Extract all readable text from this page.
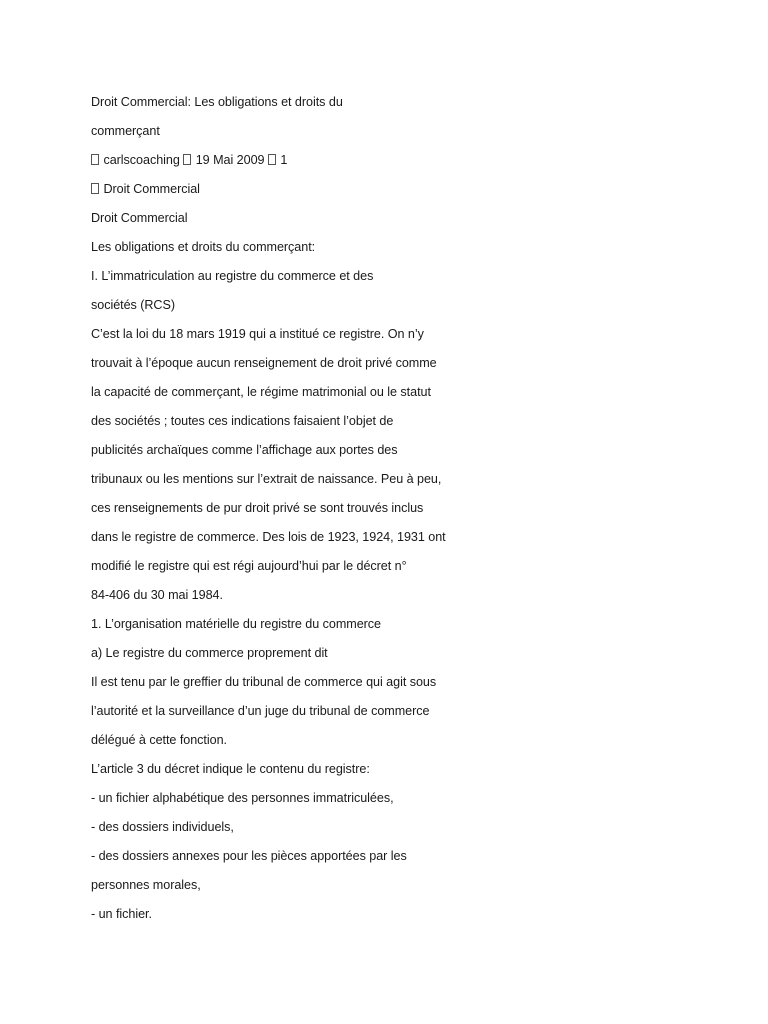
Droit Commercial: Les obligations et droits du
commerçant
carlscoaching 19 Mai 2009 1
Droit Commercial
Droit Commercial
Les obligations et droits du commerçant:
I. L’immatriculation au registre du commerce et des
sociétés (RCS)
C’est la loi du 18 mars 1919 qui a institué ce registre. On n’y
trouvait à l’époque aucun renseignement de droit privé comme
la capacité de commerçant, le régime matrimonial ou le statut
des sociétés ; toutes ces indications faisaient l’objet de
publicités archaïques comme l’affichage aux portes des
tribunaux ou les mentions sur l’extrait de naissance. Peu à peu,
ces renseignements de pur droit privé se sont trouvés inclus
dans le registre de commerce. Des lois de 1923, 1924, 1931 ont
modifié le registre qui est régi aujourd’hui par le décret n°
84-406 du 30 mai 1984.
1. L’organisation matérielle du registre du commerce
a) Le registre du commerce proprement dit
Il est tenu par le greffier du tribunal de commerce qui agit sous
l’autorité et la surveillance d’un juge du tribunal de commerce
délégué à cette fonction.
L’article 3 du décret indique le contenu du registre:
- un fichier alphabétique des personnes immatriculées,
- des dossiers individuels,
- des dossiers annexes pour les pièces apportées par les
personnes morales,
- un fichier.
